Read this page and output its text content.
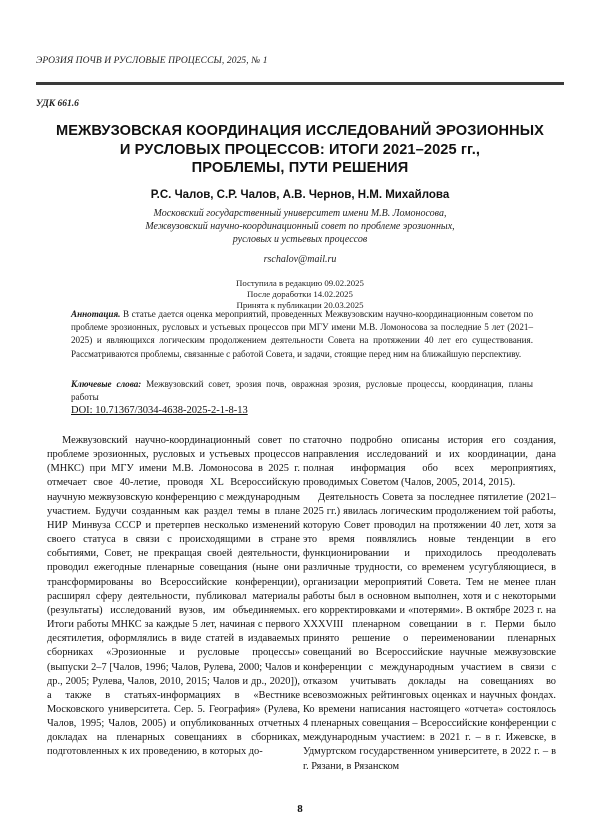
ЭРОЗИЯ ПОЧВ И РУСЛОВЫЕ ПРОЦЕССЫ, 2025, № 1
УДК 661.6
МЕЖВУЗОВСКАЯ КООРДИНАЦИЯ ИССЛЕДОВАНИЙ ЭРОЗИОННЫХ
И РУСЛОВЫХ ПРОЦЕССОВ: ИТОГИ 2021–2025 гг.,
ПРОБЛЕМЫ, ПУТИ РЕШЕНИЯ
Р.С. Чалов, С.Р. Чалов, А.В. Чернов, Н.М. Михайлова
Московский государственный университет имени М.В. Ломоносова,
Межвузовский научно-координационный совет по проблеме эрозионных,
русловых и устьевых процессов
rschalov@mail.ru
Поступила в редакцию 09.02.2025
После доработки 14.02.2025
Принята к публикации 20.03.2025
Аннотация. В статье дается оценка мероприятий, проведенных Межвузовским научно-координационным советом по проблеме эрозионных, русловых и устьевых процессов при МГУ имени М.В. Ломоносова за последние 5 лет (2021–2025) и являющихся логическим продолжением деятельности Совета на протяжении 40 лет его существования. Рассматриваются проблемы, связанные с работой Совета, и задачи, стоящие перед ним на ближайшую перспективу.
Ключевые слова: Межвузовский совет, эрозия почв, овражная эрозия, русловые процессы, координация, планы работы
DOI: 10.71367/3034-4638-2025-2-1-8-13

Межвузовский научно-координационный совет по проблеме эрозионных, русловых и устьевых процессов (МНКС) при МГУ имени М.В. Ломоносова в 2025 г. отмечает свое 40-летие, проводя XL Всероссийскую научную межвузовскую конференцию с международным участием. Будучи созданным как раздел темы в плане НИР Минвуза СССР и претерпев несколько изменений своего статуса в связи с происходящими в стране событиями, Совет, не прекращая своей деятельности, проводил ежегодные пленарные совещания (ныне они трансформированы во Всероссийские конференции), расширял сферу деятельности, публиковал материалы (результаты) исследований вузов, им объединяемых. Итоги работы МНКС за каждые 5 лет, начиная с первого десятилетия, оформлялись в виде статей в издаваемых сборниках «Эрозионные и русловые процессы» (выпуски 2–7 [Чалов, 1996; Чалов, Рулева, 2000; Чалов и др., 2005; Рулева, Чалов, 2010, 2015; Чалов и др., 2020]), а также в статьях-информациях в «Вестнике Московского университета. Сер. 5. География» (Рулева, Чалов, 1995; Чалов, 2005) и опубликованных отчетных докладах на пленарных совещаниях в сборниках, подготовленных к их проведению, в которых до-

статочно подробно описаны история его создания, направления исследований и их координации, дана полная информация обо всех мероприятиях, проводимых Советом (Чалов, 2005, 2014, 2015).

Деятельность Совета за последнее пятилетие (2021–2025 гг.) явилась логическим продолжением той работы, которую Совет проводил на протяжении 40 лет, хотя за это время появлялись новые тенденции в его функционировании и приходилось преодолевать различные трудности, со временем усугубляющиеся, в организации мероприятий Совета. Тем не менее план работы был в основном выполнен, хотя и с некоторыми его корректировками и «потерями». В октябре 2023 г. на XXXVIII пленарном совещании в г. Перми было принято решение о переименовании пленарных совещаний во Всероссийские научные межвузовские конференции с международным участием в связи с отказом учитывать доклады на совещаниях во всевозможных рейтинговых оценках и научных фондах. Ко времени написания настоящего «отчета» состоялось 4 пленарных совещания – Всероссийские конференции с международным участием: в 2021 г. – в г. Ижевске, в Удмуртском государственном университете, в 2022 г. – в г. Рязани, в Рязанском

8
